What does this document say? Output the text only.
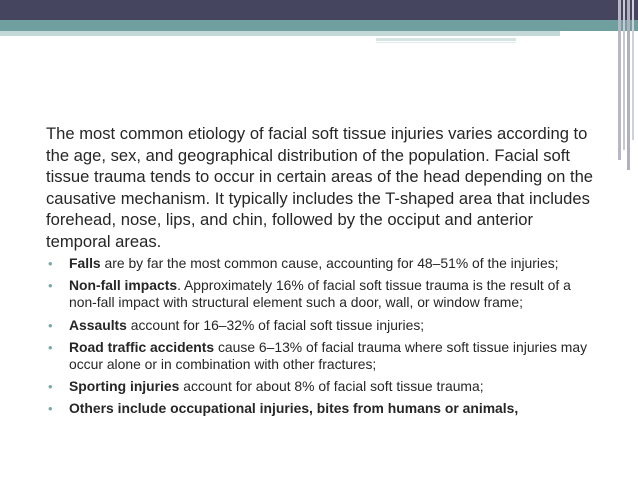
The most common etiology of facial soft tissue injuries varies according to the age, sex, and geographical distribution of the population. Facial soft tissue trauma tends to occur in certain areas of the head depending on the causative mechanism. It typically includes the T-shaped area that includes forehead, nose, lips, and chin, followed by the occiput and anterior

temporal areas.

• Falls are by far the most common cause, accounting for 48–51% of the injuries;
• Non-fall impacts. Approximately 16% of facial soft tissue trauma is the result of a non-fall impact with structural element such a door, wall, or window frame;
• Assaults account for 16–32% of facial soft tissue injuries;
• Road traffic accidents cause 6–13% of facial trauma where soft tissue injuries may occur alone or in combination with other fractures;
• Sporting injuries account for about 8% of facial soft tissue trauma;
• Others include occupational injuries, bites from humans or animals,
